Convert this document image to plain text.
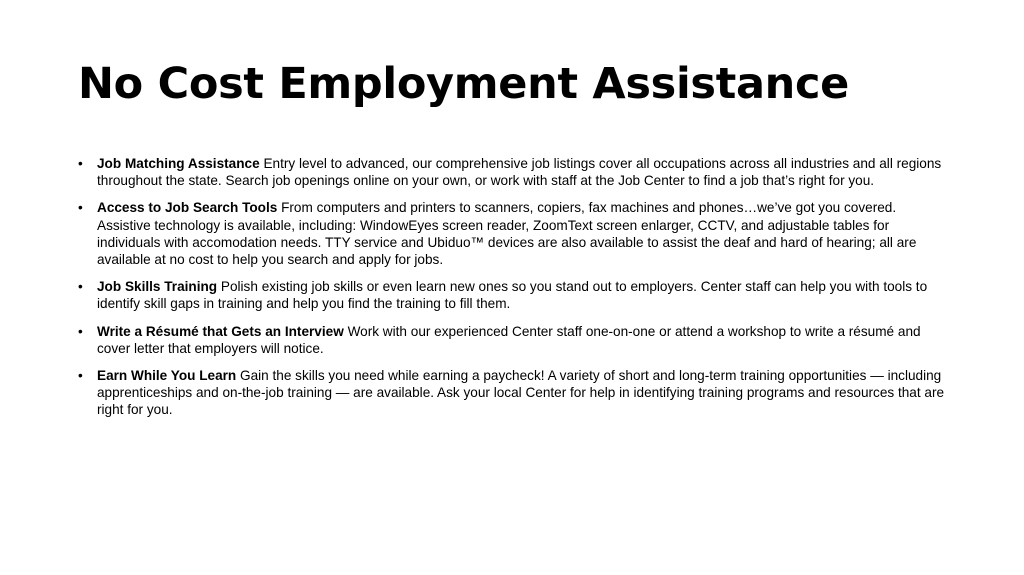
No Cost Employment Assistance
• Job Matching Assistance Entry level to advanced, our comprehensive job listings cover all occupations across all industries and all regions throughout the state. Search job openings online on your own, or work with staff at the Job Center to find a job that’s right for you.
• Access to Job Search Tools From computers and printers to scanners, copiers, fax machines and phones…we’ve got you covered. Assistive technology is available, including: WindowEyes screen reader, ZoomText screen enlarger, CCTV, and adjustable tables for individuals with accomodation needs. TTY service and Ubiduo™ devices are also available to assist the deaf and hard of hearing; all are available at no cost to help you search and apply for jobs.
• Job Skills Training Polish existing job skills or even learn new ones so you stand out to employers. Center staff can help you with tools to identify skill gaps in training and help you find the training to fill them.
• Write a Résumé that Gets an Interview Work with our experienced Center staff one-on-one or attend a workshop to write a résumé and cover letter that employers will notice.
• Earn While You Learn Gain the skills you need while earning a paycheck! A variety of short and long-term training opportunities — including apprenticeships and on-the-job training — are available. Ask your local Center for help in identifying training programs and resources that are right for you.
